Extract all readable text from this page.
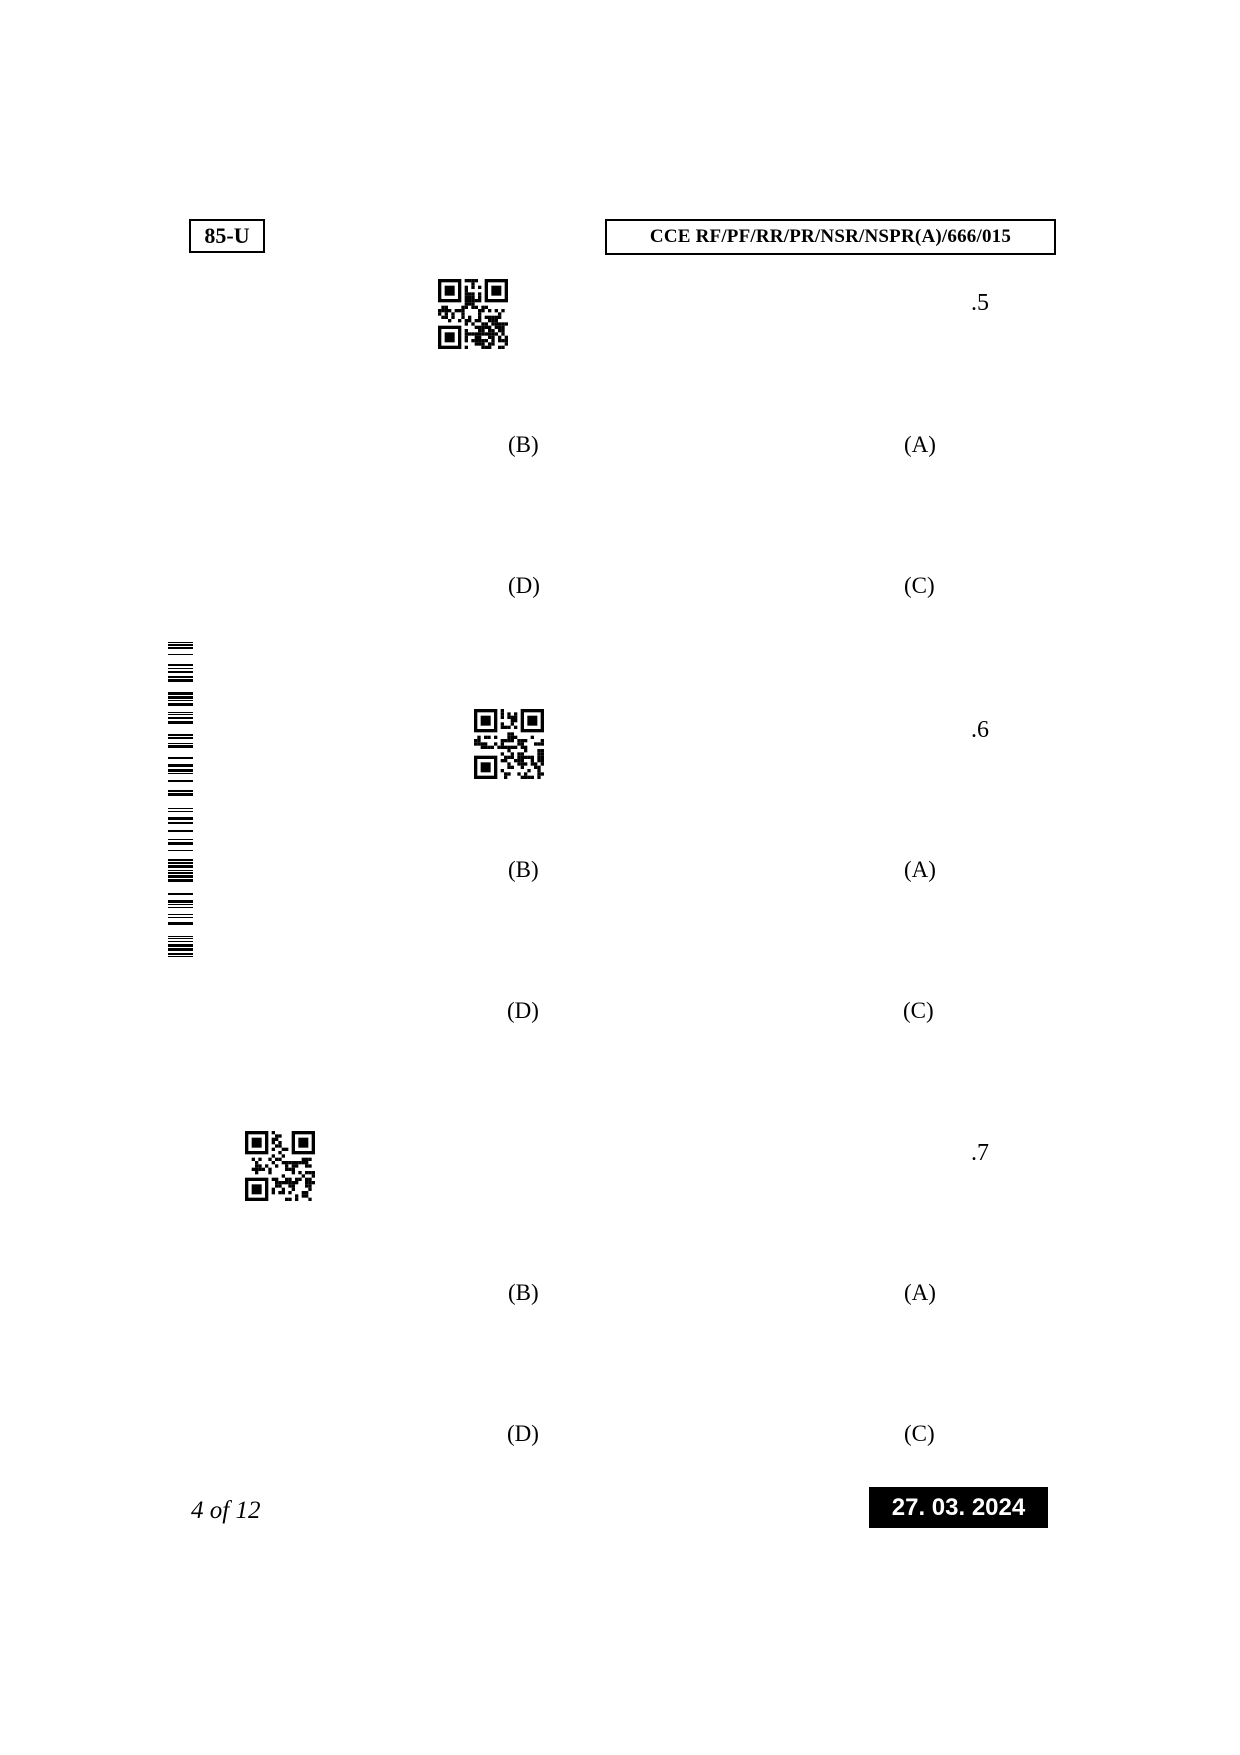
85-U	CCE RF/PF/RR/PR/NSR/NSPR(A)/666/015
.5
(A)
(B)
(C)
(D)
.6
(A)
(B)
(C)
(D)
.7
(A)
(B)
(C)
(D)
4 of 12	27. 03. 2024
